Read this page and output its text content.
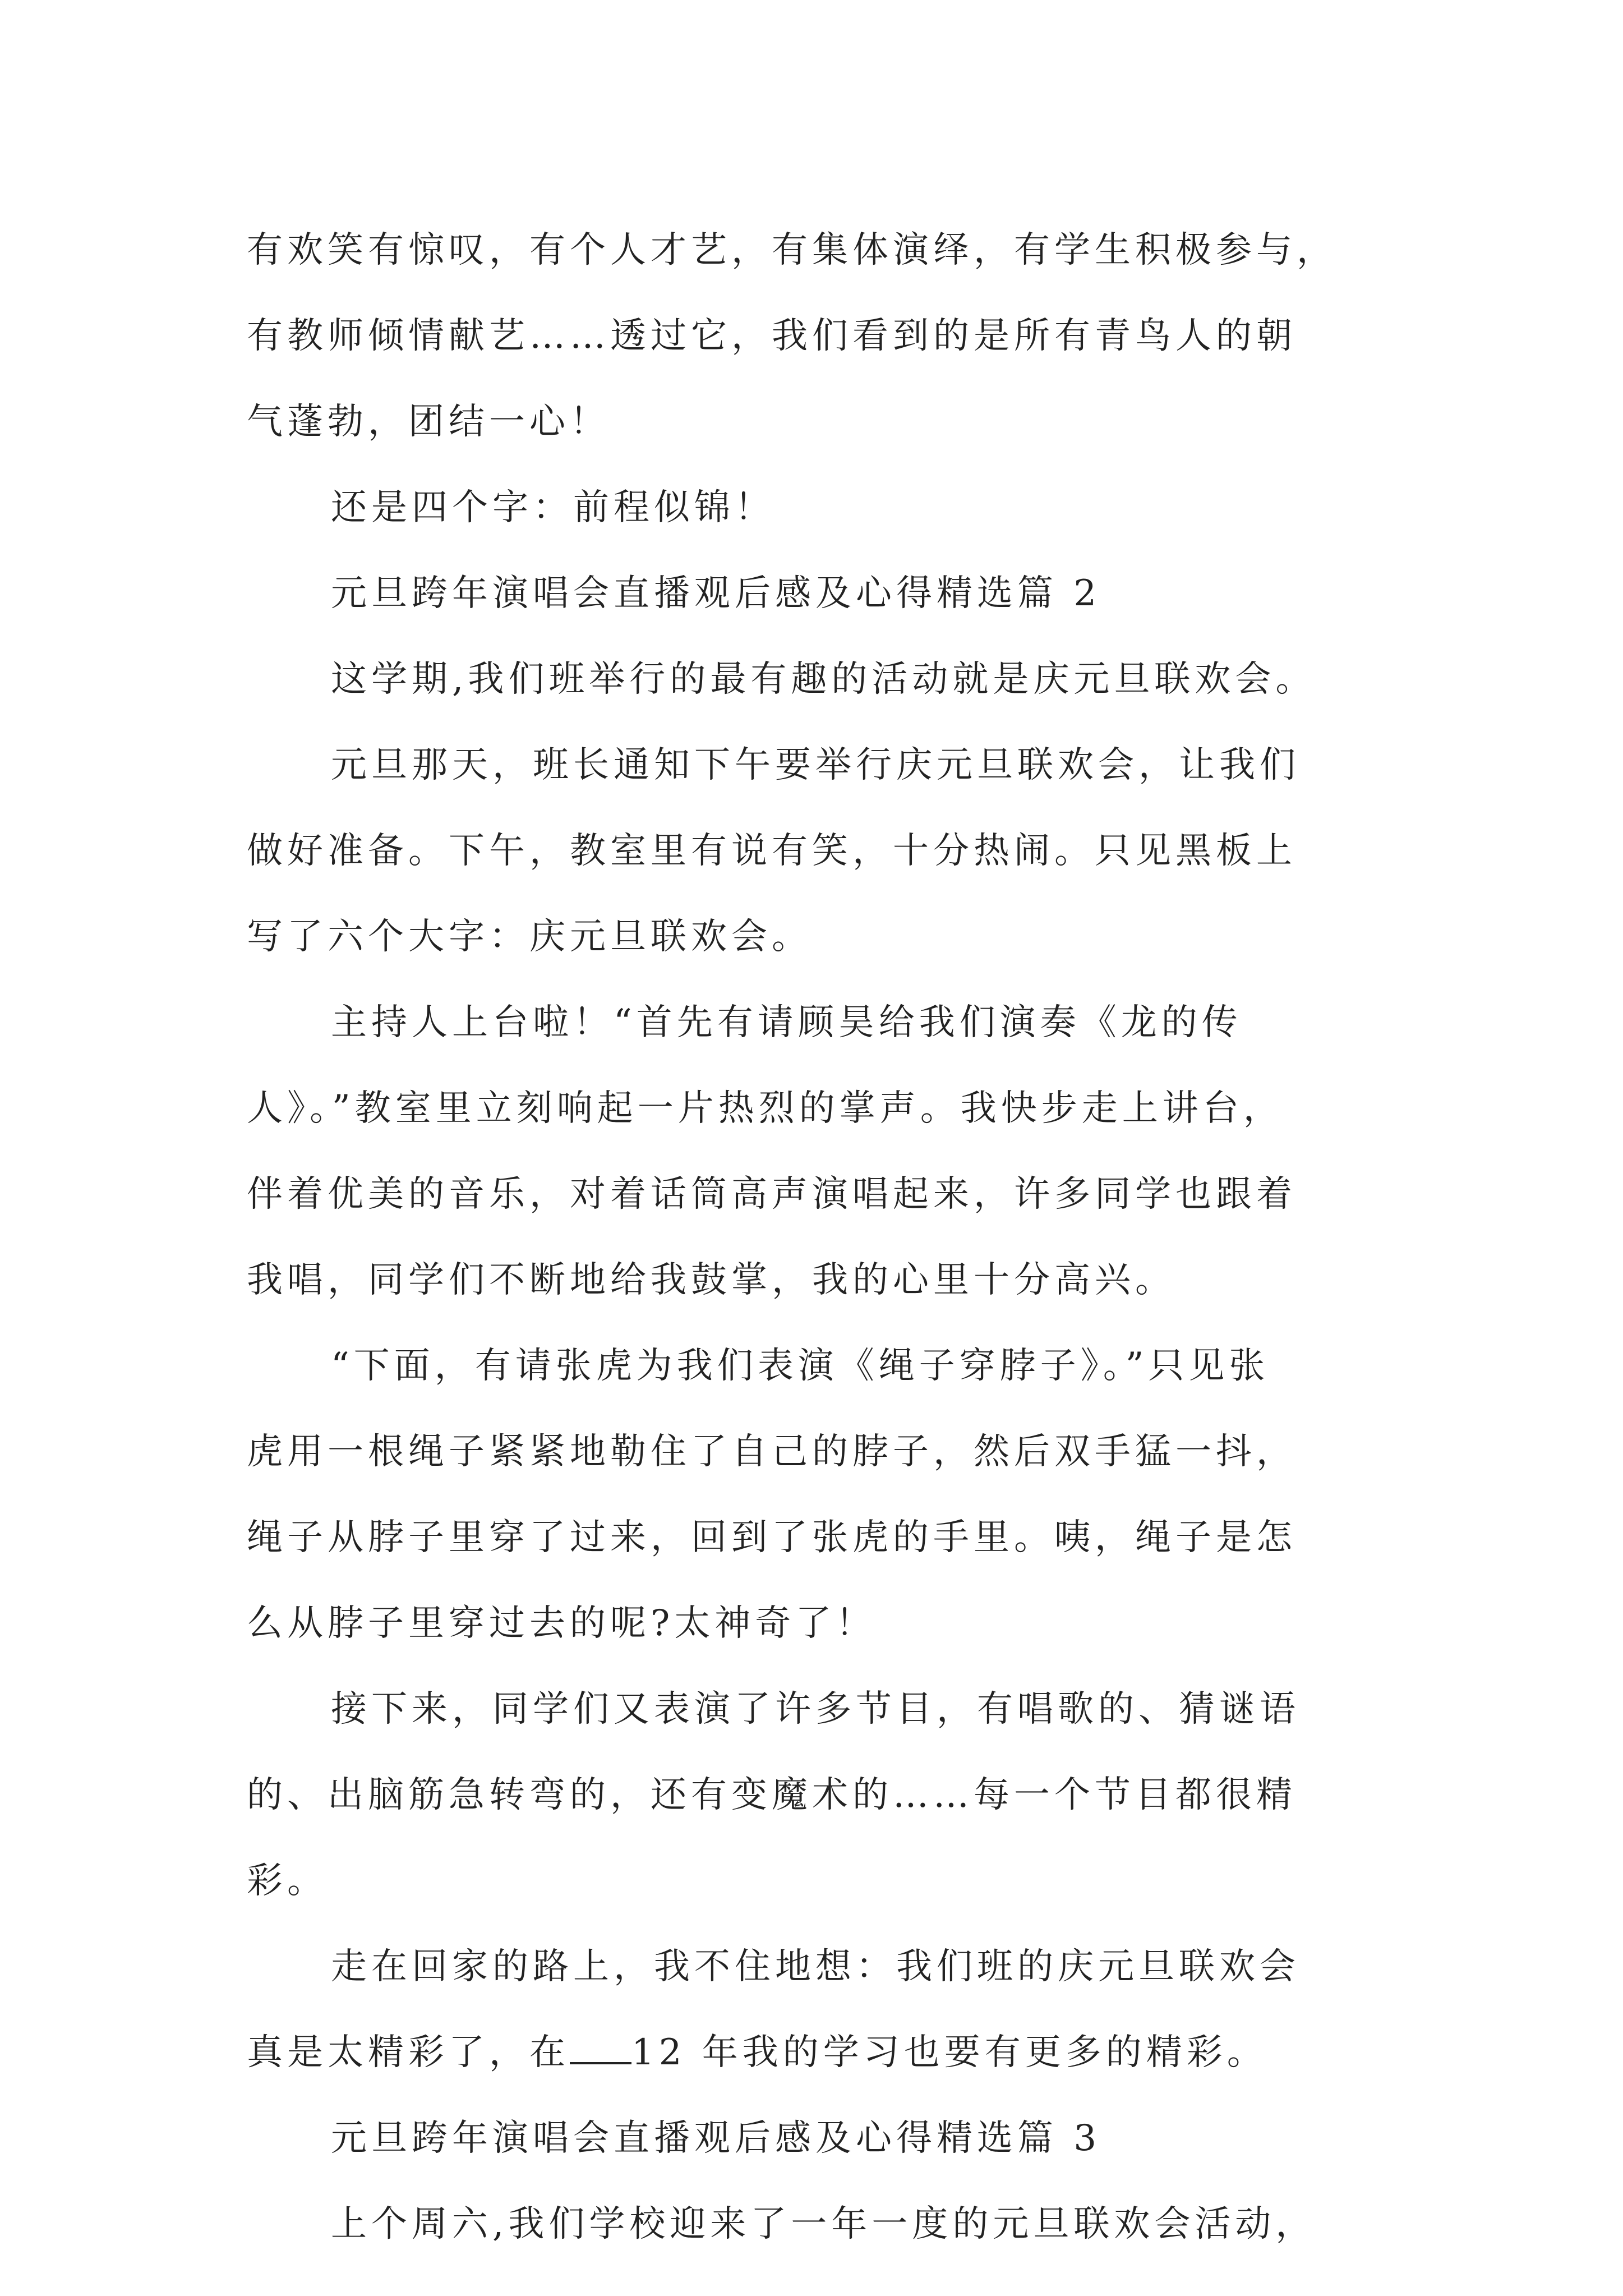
有欢笑有惊叹，有个人才艺，有集体演绎，有学生积极参与，
有教师倾情献艺……透过它，我们看到的是所有青鸟人的朝
气蓬勃，团结一心！
还是四个字：前程似锦！
元旦跨年演唱会直播观后感及心得精选篇 2
这学期,我们班举行的最有趣的活动就是庆元旦联欢会。
元旦那天，班长通知下午要举行庆元旦联欢会，让我们
做好准备。下午，教室里有说有笑，十分热闹。只见黑板上
写了六个大字：庆元旦联欢会。
主持人上台啦！“首先有请顾昊给我们演奏《龙的传
人》。”教室里立刻响起一片热烈的掌声。我快步走上讲台，
伴着优美的音乐，对着话筒高声演唱起来，许多同学也跟着
我唱，同学们不断地给我鼓掌，我的心里十分高兴。
“下面，有请张虎为我们表演《绳子穿脖子》。”只见张
虎用一根绳子紧紧地勒住了自己的脖子，然后双手猛一抖，
绳子从脖子里穿了过来，回到了张虎的手里。咦，绳子是怎
么从脖子里穿过去的呢?太神奇了！
接下来，同学们又表演了许多节目，有唱歌的、猜谜语
的、出脑筋急转弯的，还有变魔术的……每一个节目都很精
彩。
走在回家的路上，我不住地想：我们班的庆元旦联欢会
真是太精彩了，在 12 年我的学习也要有更多的精彩。
元旦跨年演唱会直播观后感及心得精选篇 3
上个周六,我们学校迎来了一年一度的元旦联欢会活动，
